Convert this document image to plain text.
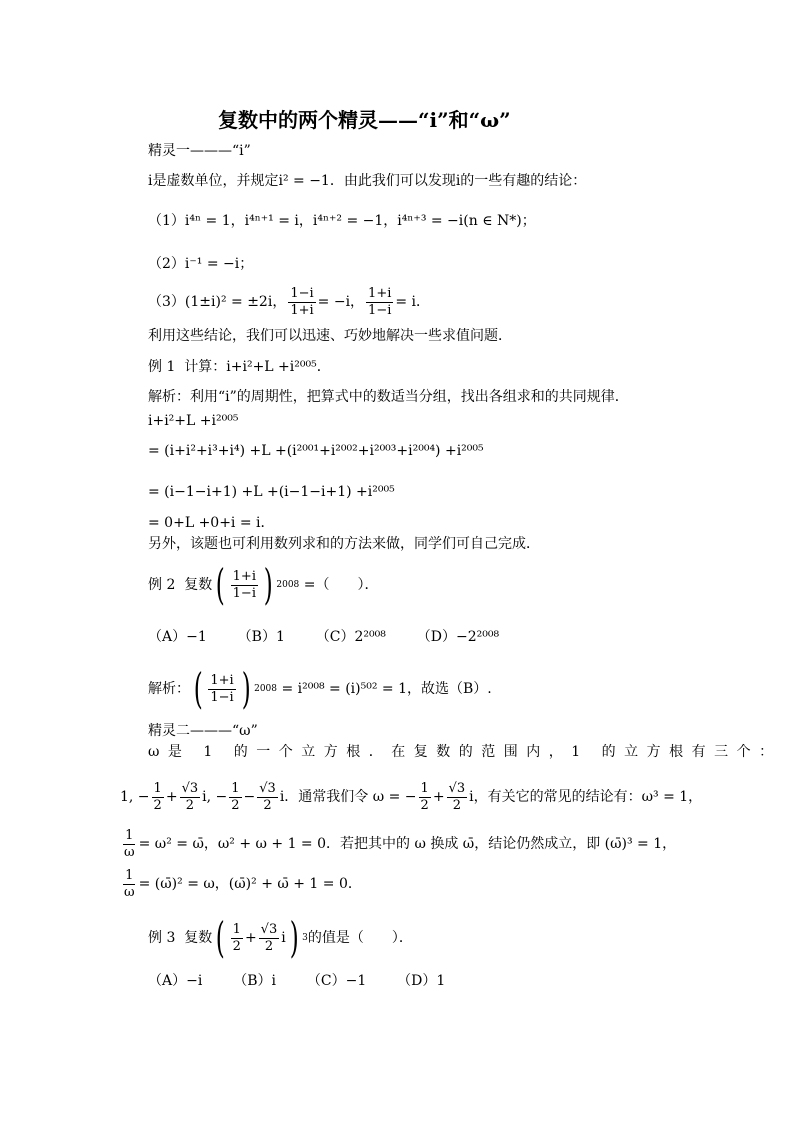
复数中的两个精灵——“i”和“ω”
精灵一———“i”
i是虚数单位，并规定i² = −1．由此我们可以发现i的一些有趣的结论：
（1）i⁴ⁿ = 1，i⁴ⁿ⁺¹ = i，i⁴ⁿ⁺² = −1，i⁴ⁿ⁺³ = −i(n ∈ N*)；
（2）i⁻¹ = −i；
（3） (1±i)² = ±2i， $\frac{1-i}{1+i} = -i$， $\frac{1+i}{1-i} = i$．
利用这些结论，我们可以迅速、巧妙地解决一些求值问题．
例 1 计算：i+i²+L +i²⁰⁰⁵．
解析：利用“i”的周期性，把算式中的数适当分组，找出各组求和的共同规律．
i+i²+L +i²⁰⁰⁵
= (i+i²+i³+i⁴) +L +(i²⁰⁰¹+i²⁰⁰²+i²⁰⁰³+i²⁰⁰⁴) +i²⁰⁰⁵
= (i−1−i+1) +L +(i−1−i+1) +i²⁰⁰⁵
= 0+L +0+i = i．
另外，该题也可利用数列求和的方法来做，同学们可自己完成．
例 2
复数 ( $\frac{1+i}{1-i}$ ) 2008
=（　　）．
（A）−1 （B）1 （C）2²⁰⁰⁸ （D）−2²⁰⁰⁸
解析： ( $\frac{1+i}{1-i}$ ) 2008
= i²⁰⁰⁸ = (i)⁵⁰² = 1，故选（B）.
精灵二———“ω”
ω是 1 的一个立方根．在复数的范围内，1 的立方根有三个：
1, − $\frac{1}{2} + \frac{√3}{2} i$, − $\frac{1}{2} - \frac{√3}{2}$ i．通常我们令 ω = − $\frac{1}{2} + \frac{√3}{2}$ i，有关它的常见的结论有：ω³ = 1，
$\frac{1}{\omega} = \omega^2$ = ω̄，ω² + ω + 1 = 0．若把其中的 ω 换成 ω̄，结论仍然成立，即 (ω̄)³ = 1，
$\frac{1}{\omega}$ = (ω̄)² = ω，(ω̄)² + ω̄ + 1 = 0．
例 3
复数 ( $\frac{1}{2} + \frac{√3}{2}$ i ) 3 的值是（　　）．
（A）−i （B）i （C）−1 （D）1
